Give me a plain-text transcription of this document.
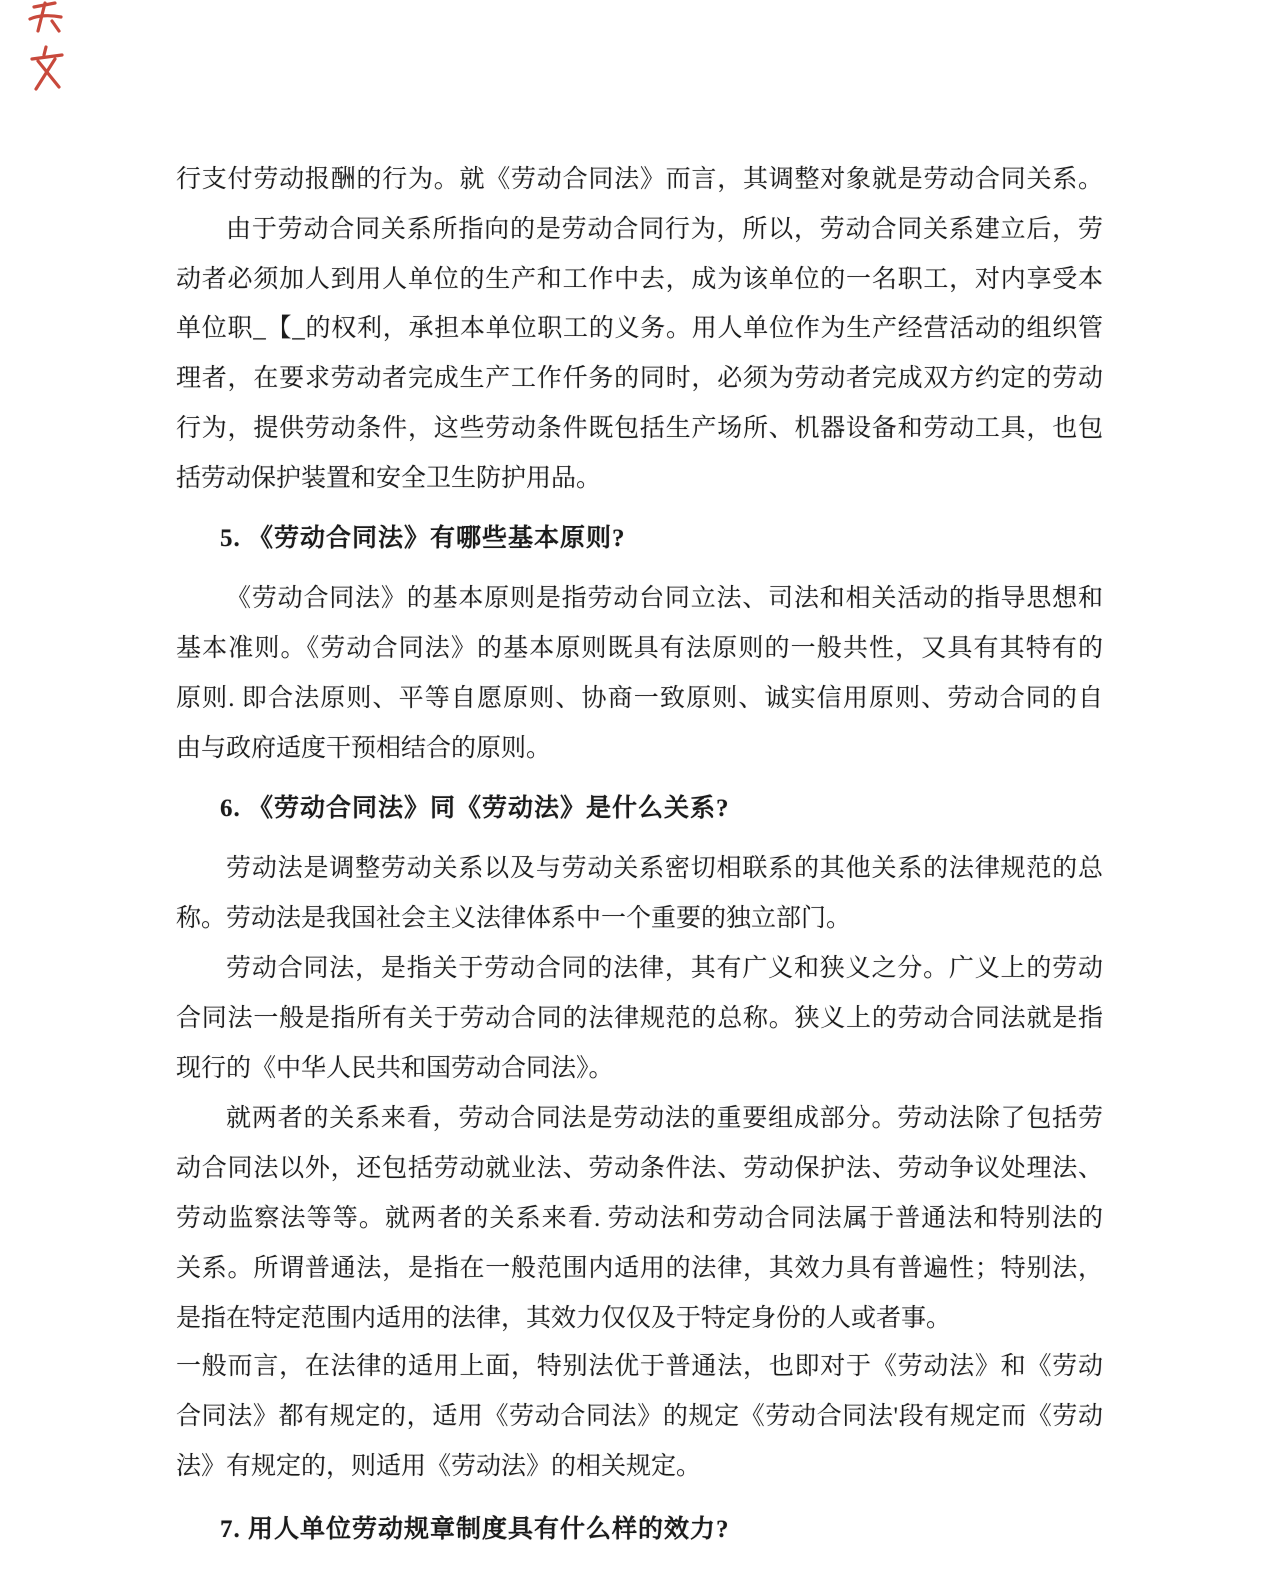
行支付劳动报酬的行为。就《劳动合同法》而言，其调整对象就是劳动合同关系。
由于劳动合同关系所指向的是劳动合同行为，所以，劳动合同关系建立后，劳
动者必须加人到用人单位的生产和工作中去，成为该单位的一名职工，对内享受本
单位职_【_的权利，承担本单位职工的义务。用人单位作为生产经营活动的组织管
理者，在要求劳动者完成生产工作仟务的同时，必须为劳动者完成双方约定的劳动
行为，提供劳动条件，这些劳动条件既包括生产场所、机器设备和劳动工具，也包
括劳动保护装置和安全卫生防护用品。
5. 《劳动合同法》有哪些基本原则?
《劳动合同法》的基本原则是指劳动台同立法、司法和相关活动的指导思想和
基本准则。《劳动合同法》的基本原则既具有法原则的一般共性，又具有其特有的
原则. 即合法原则、平等自愿原则、协商一致原则、诚实信用原则、劳动合同的自
由与政府适度干预相结合的原则。
6. 《劳动合同法》同《劳动法》是什么关系?
劳动法是调整劳动关系以及与劳动关系密切相联系的其他关系的法律规范的总
称。劳动法是我国社会主义法律体系中一个重要的独立部门。
劳动合同法，是指关于劳动合同的法律，其有广义和狭义之分。广义上的劳动
合同法一般是指所有关于劳动合同的法律规范的总称。狭义上的劳动合同法就是指
现行的《中华人民共和国劳动合同法》。
就两者的关系来看，劳动合同法是劳动法的重要组成部分。劳动法除了包括劳
动合同法以外，还包括劳动就业法、劳动条件法、劳动保护法、劳动争议处理法、
劳动监察法等等。就两者的关系来看. 劳动法和劳动合同法属于普通法和特别法的
关系。所谓普通法，是指在一般范围内适用的法律，其效力具有普遍性；特别法，
是指在特定范围内适用的法律，其效力仅仅及于特定身份的人或者事。
一般而言，在法律的适用上面，特别法优于普通法，也即对于《劳动法》和《劳动
合同法》都有规定的，适用《劳动合同法》的规定《劳动合同法'段有规定而《劳动
法》有规定的，则适用《劳动法》的相关规定。
7. 用人单位劳动规章制度具有什么样的效力?
